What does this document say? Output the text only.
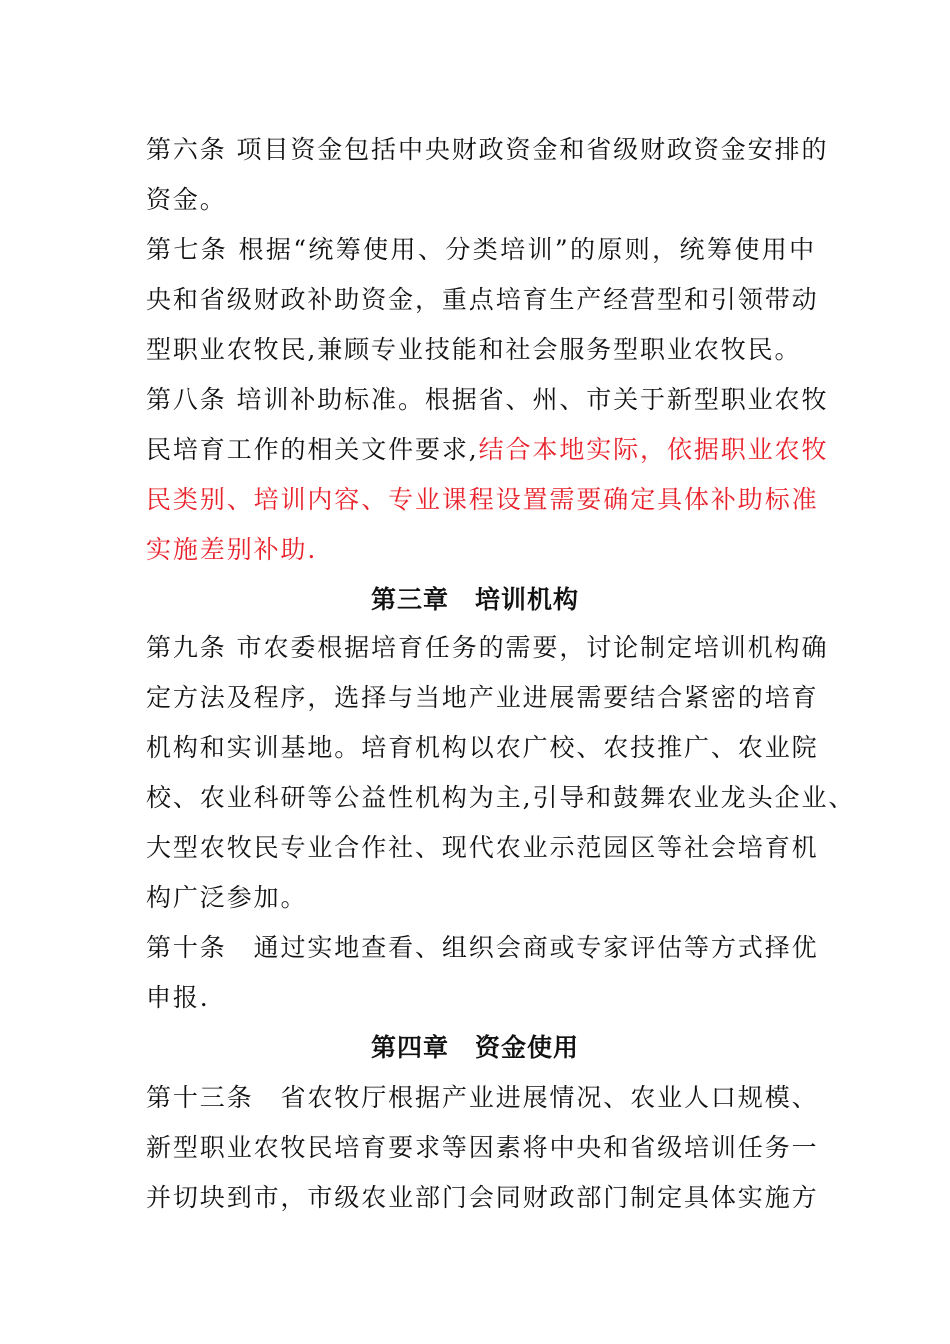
第六条 项目资金包括中央财政资金和省级财政资金安排的
资金。
第七条 根据“统筹使用、分类培训”的原则，统筹使用中
央和省级财政补助资金，重点培育生产经营型和引领带动
型职业农牧民,兼顾专业技能和社会服务型职业农牧民。
第八条 培训补助标准。根据省、州、市关于新型职业农牧
民培育工作的相关文件要求,结合本地实际，依据职业农牧
民类别、培训内容、专业课程设置需要确定具体补助标准
实施差别补助.
第三章　培训机构
第九条 市农委根据培育任务的需要，讨论制定培训机构确
定方法及程序，选择与当地产业进展需要结合紧密的培育
机构和实训基地。培育机构以农广校、农技推广、农业院
校、农业科研等公益性机构为主,引导和鼓舞农业龙头企业、
大型农牧民专业合作社、现代农业示范园区等社会培育机
构广泛参加。
第十条　通过实地查看、组织会商或专家评估等方式择优
申报.
第四章　资金使用
第十三条　省农牧厅根据产业进展情况、农业人口规模、
新型职业农牧民培育要求等因素将中央和省级培训任务一
并切块到市，市级农业部门会同财政部门制定具体实施方
